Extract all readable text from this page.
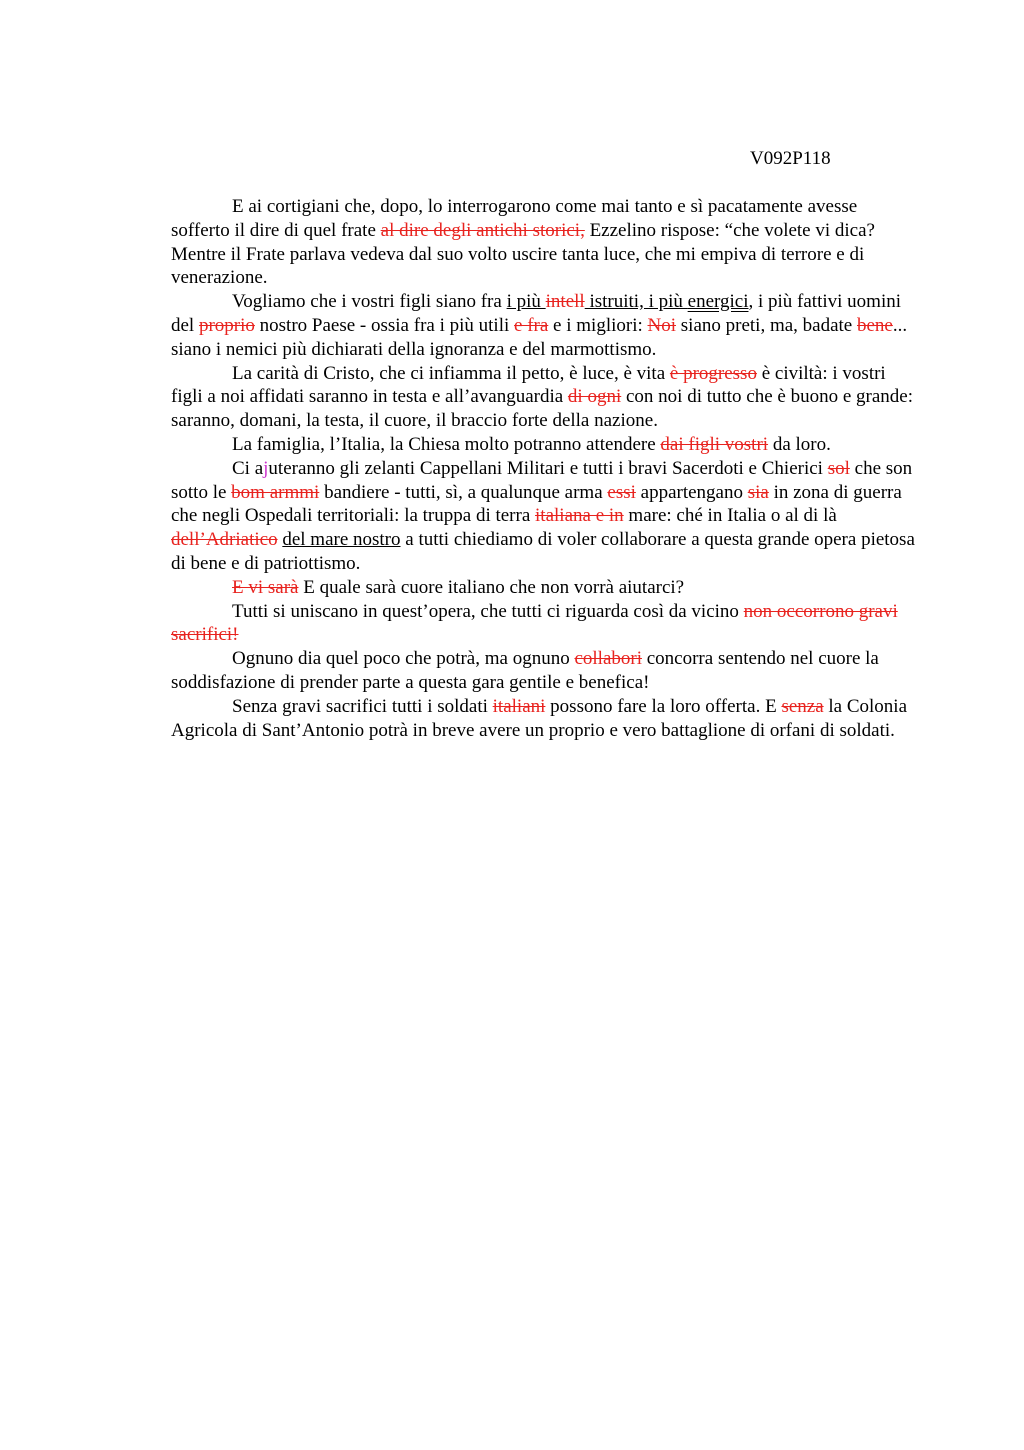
V092P118

E ai cortigiani che, dopo, lo interrogarono come mai tanto e sì pacatamente avesse sofferto il dire di quel frate al dire degli antichi storici, Ezzelino rispose: “che volete vi dica? Mentre il Frate parlava vedeva dal suo volto uscire tanta luce, che mi empiva di terrore e di venerazione.

Vogliamo che i vostri figli siano fra i più intell istruiti, i più energici, i più fattivi uomini del proprio nostro Paese - ossia fra i più utili e fra e i migliori: Noi siano preti, ma, badate bene... siano i nemici più dichiarati della ignoranza e del marmottismo.

La carità di Cristo, che ci infiamma il petto, è luce, è vita è progresso è civiltà: i vostri figli a noi affidati saranno in testa e all’avanguardia di ogni con noi di tutto che è buono e grande: saranno, domani, la testa, il cuore, il braccio forte della nazione.

La famiglia, l’Italia, la Chiesa molto potranno attendere dai figli vostri da loro.

Ci ajuteranno gli zelanti Cappellani Militari e tutti i bravi Sacerdoti e Chierici sol che son sotto le bom armmi bandiere - tutti, sì, a qualunque arma essi appartengano sia in zona di guerra che negli Ospedali territoriali: la truppa di terra italiana e in mare: ché in Italia o al di là dell’Adriatico del mare nostro a tutti chiediamo di voler collaborare a questa grande opera pietosa di bene e di patriottismo.

E vi sarà E quale sarà cuore italiano che non vorrà aiutarci?

Tutti si uniscano in quest’opera, che tutti ci riguarda così da vicino non occorrono gravi sacrifici!

Ognuno dia quel poco che potrà, ma ognuno collabori concorra sentendo nel cuore la soddisfazione di prender parte a questa gara gentile e benefica!

Senza gravi sacrifici tutti i soldati italiani possono fare la loro offerta. E senza la Colonia Agricola di Sant’Antonio potrà in breve avere un proprio e vero battaglione di orfani di soldati.
